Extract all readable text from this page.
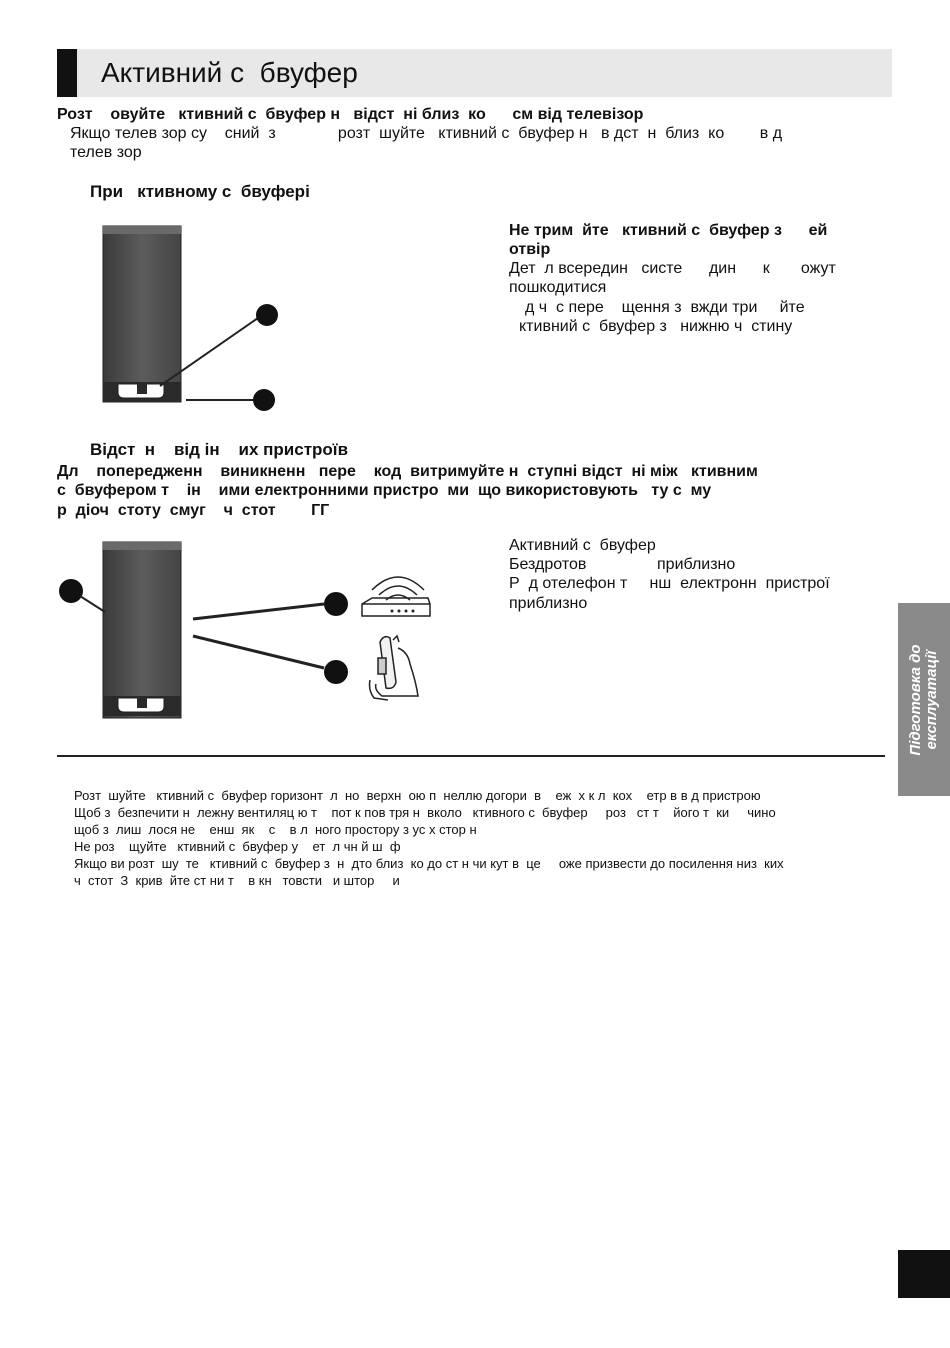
Активний с  бвуфер
Розт    овуйте   ктивний с  бвуфер н   відст  ні близ  ко      см від телевізор
Якщо телев зор су    сний  з              розт  шуйте   ктивний с  бвуфер н   в дст  н  близ  ко        в д
телев зор
При   ктивному с  бвуфері
Не трим  йте   ктивний с  бвуфер з      ей
отвір
Дет  л всередин   систе      дин      к       ожут
пошкодитися
д ч  с пере    щення з  вжди три     йте
ктивний с  бвуфер з   нижню ч  стину
Відст  н    від ін    их пристроїв
Дл    попередженн    виникненн   пере    код  витримуйте н  ступні відст  ні між   ктивним
с  бвуфером т    ін    ими електронними пристро  ми  що використовують   ту с  му
р  діоч  стоту  смуг    ч  стот        ГГ
Активний с  бвуфер
Бездротов	приблизно
Р  д отелефон т     нш  електронн  пристрої
приблизно
Розт  шуйте   ктивний с  бвуфер горизонт  л  но  верхн  ою п  неллю догори  в    еж  х к л  кох    етр в в д пристрою
Щоб з  безпечити н  лежну вентиляц ю т    пот к пов тря н  вколо   ктивного с  бвуфер     роз   ст т    його т  ки     чино
щоб з  лиш  лося не    енш  як    с    в л  ного простору з ус х стор н
Не роз    щуйте   ктивний с  бвуфер у    ет  л чн й ш  ф
Якщо ви розт  шу  те   ктивний с  бвуфер з  н  дто близ  ко до ст н чи кут в  це     оже призвести до посилення низ  ких
ч  стот  З  крив  йте ст ни т    в кн   товсти   и штор     и
Підготовка до
експлуатації
